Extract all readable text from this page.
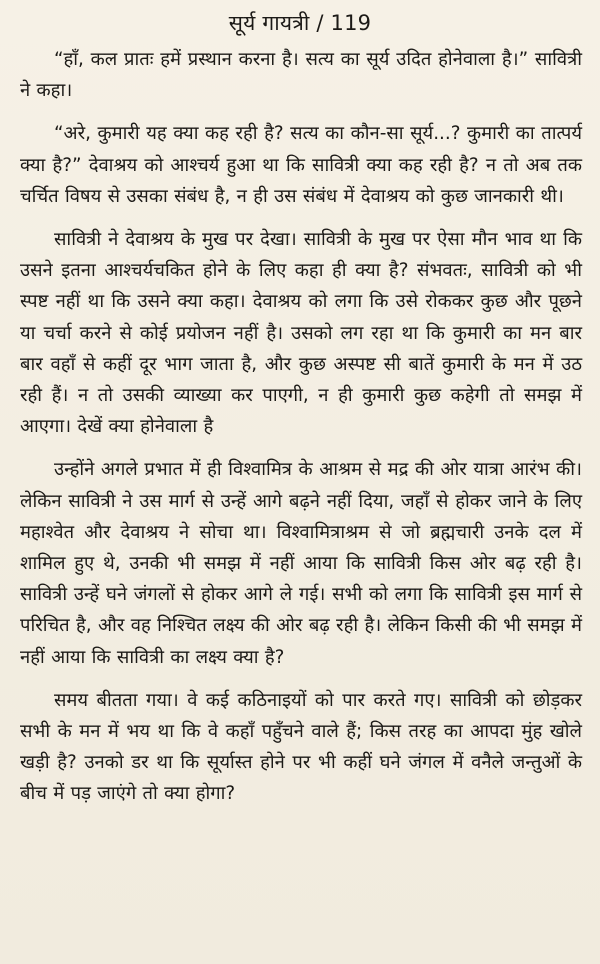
सूर्य गायत्री / 119

“हाँ, कल प्रातः हमें प्रस्थान करना है। सत्य का सूर्य उदित होनेवाला है।” सावित्री ने कहा।

“अरे, कुमारी यह क्या कह रही है? सत्य का कौन-सा सूर्य...? कुमारी का तात्पर्य क्या है?” देवाश्रय को आश्चर्य हुआ था कि सावित्री क्या कह रही है? न तो अब तक चर्चित विषय से उसका संबंध है, न ही उस संबंध में देवाश्रय को कुछ जानकारी थी।

सावित्री ने देवाश्रय के मुख पर देखा। सावित्री के मुख पर ऐसा मौन भाव था कि उसने इतना आश्चर्यचकित होने के लिए कहा ही क्या है? संभवतः, सावित्री को भी स्पष्ट नहीं था कि उसने क्या कहा। देवाश्रय को लगा कि उसे रोककर कुछ और पूछने या चर्चा करने से कोई प्रयोजन नहीं है। उसको लग रहा था कि कुमारी का मन बार बार वहाँ से कहीं दूर भाग जाता है, और कुछ अस्पष्ट सी बातें कुमारी के मन में उठ रही हैं। न तो उसकी व्याख्या कर पाएगी, न ही कुमारी कुछ कहेगी तो समझ में आएगा। देखें क्या होनेवाला है

उन्होंने अगले प्रभात में ही विश्वामित्र के आश्रम से मद्र की ओर यात्रा आरंभ की। लेकिन सावित्री ने उस मार्ग से उन्हें आगे बढ़ने नहीं दिया, जहाँ से होकर जाने के लिए महाश्वेत और देवाश्रय ने सोचा था। विश्वामित्राश्रम से जो ब्रह्मचारी उनके दल में शामिल हुए थे, उनकी भी समझ में नहीं आया कि सावित्री किस ओर बढ़ रही है। सावित्री उन्हें घने जंगलों से होकर आगे ले गई। सभी को लगा कि सावित्री इस मार्ग से परिचित है, और वह निश्चित लक्ष्य की ओर बढ़ रही है। लेकिन किसी की भी समझ में नहीं आया कि सावित्री का लक्ष्य क्या है?

समय बीतता गया। वे कई कठिनाइयों को पार करते गए। सावित्री को छोड़कर सभी के मन में भय था कि वे कहाँ पहुँचने वाले हैं; किस तरह का आपदा मुंह खोले खड़ी है? उनको डर था कि सूर्यास्त होने पर भी कहीं घने जंगल में वनैले जन्तुओं के बीच में पड़ जाएंगे तो क्या होगा?
